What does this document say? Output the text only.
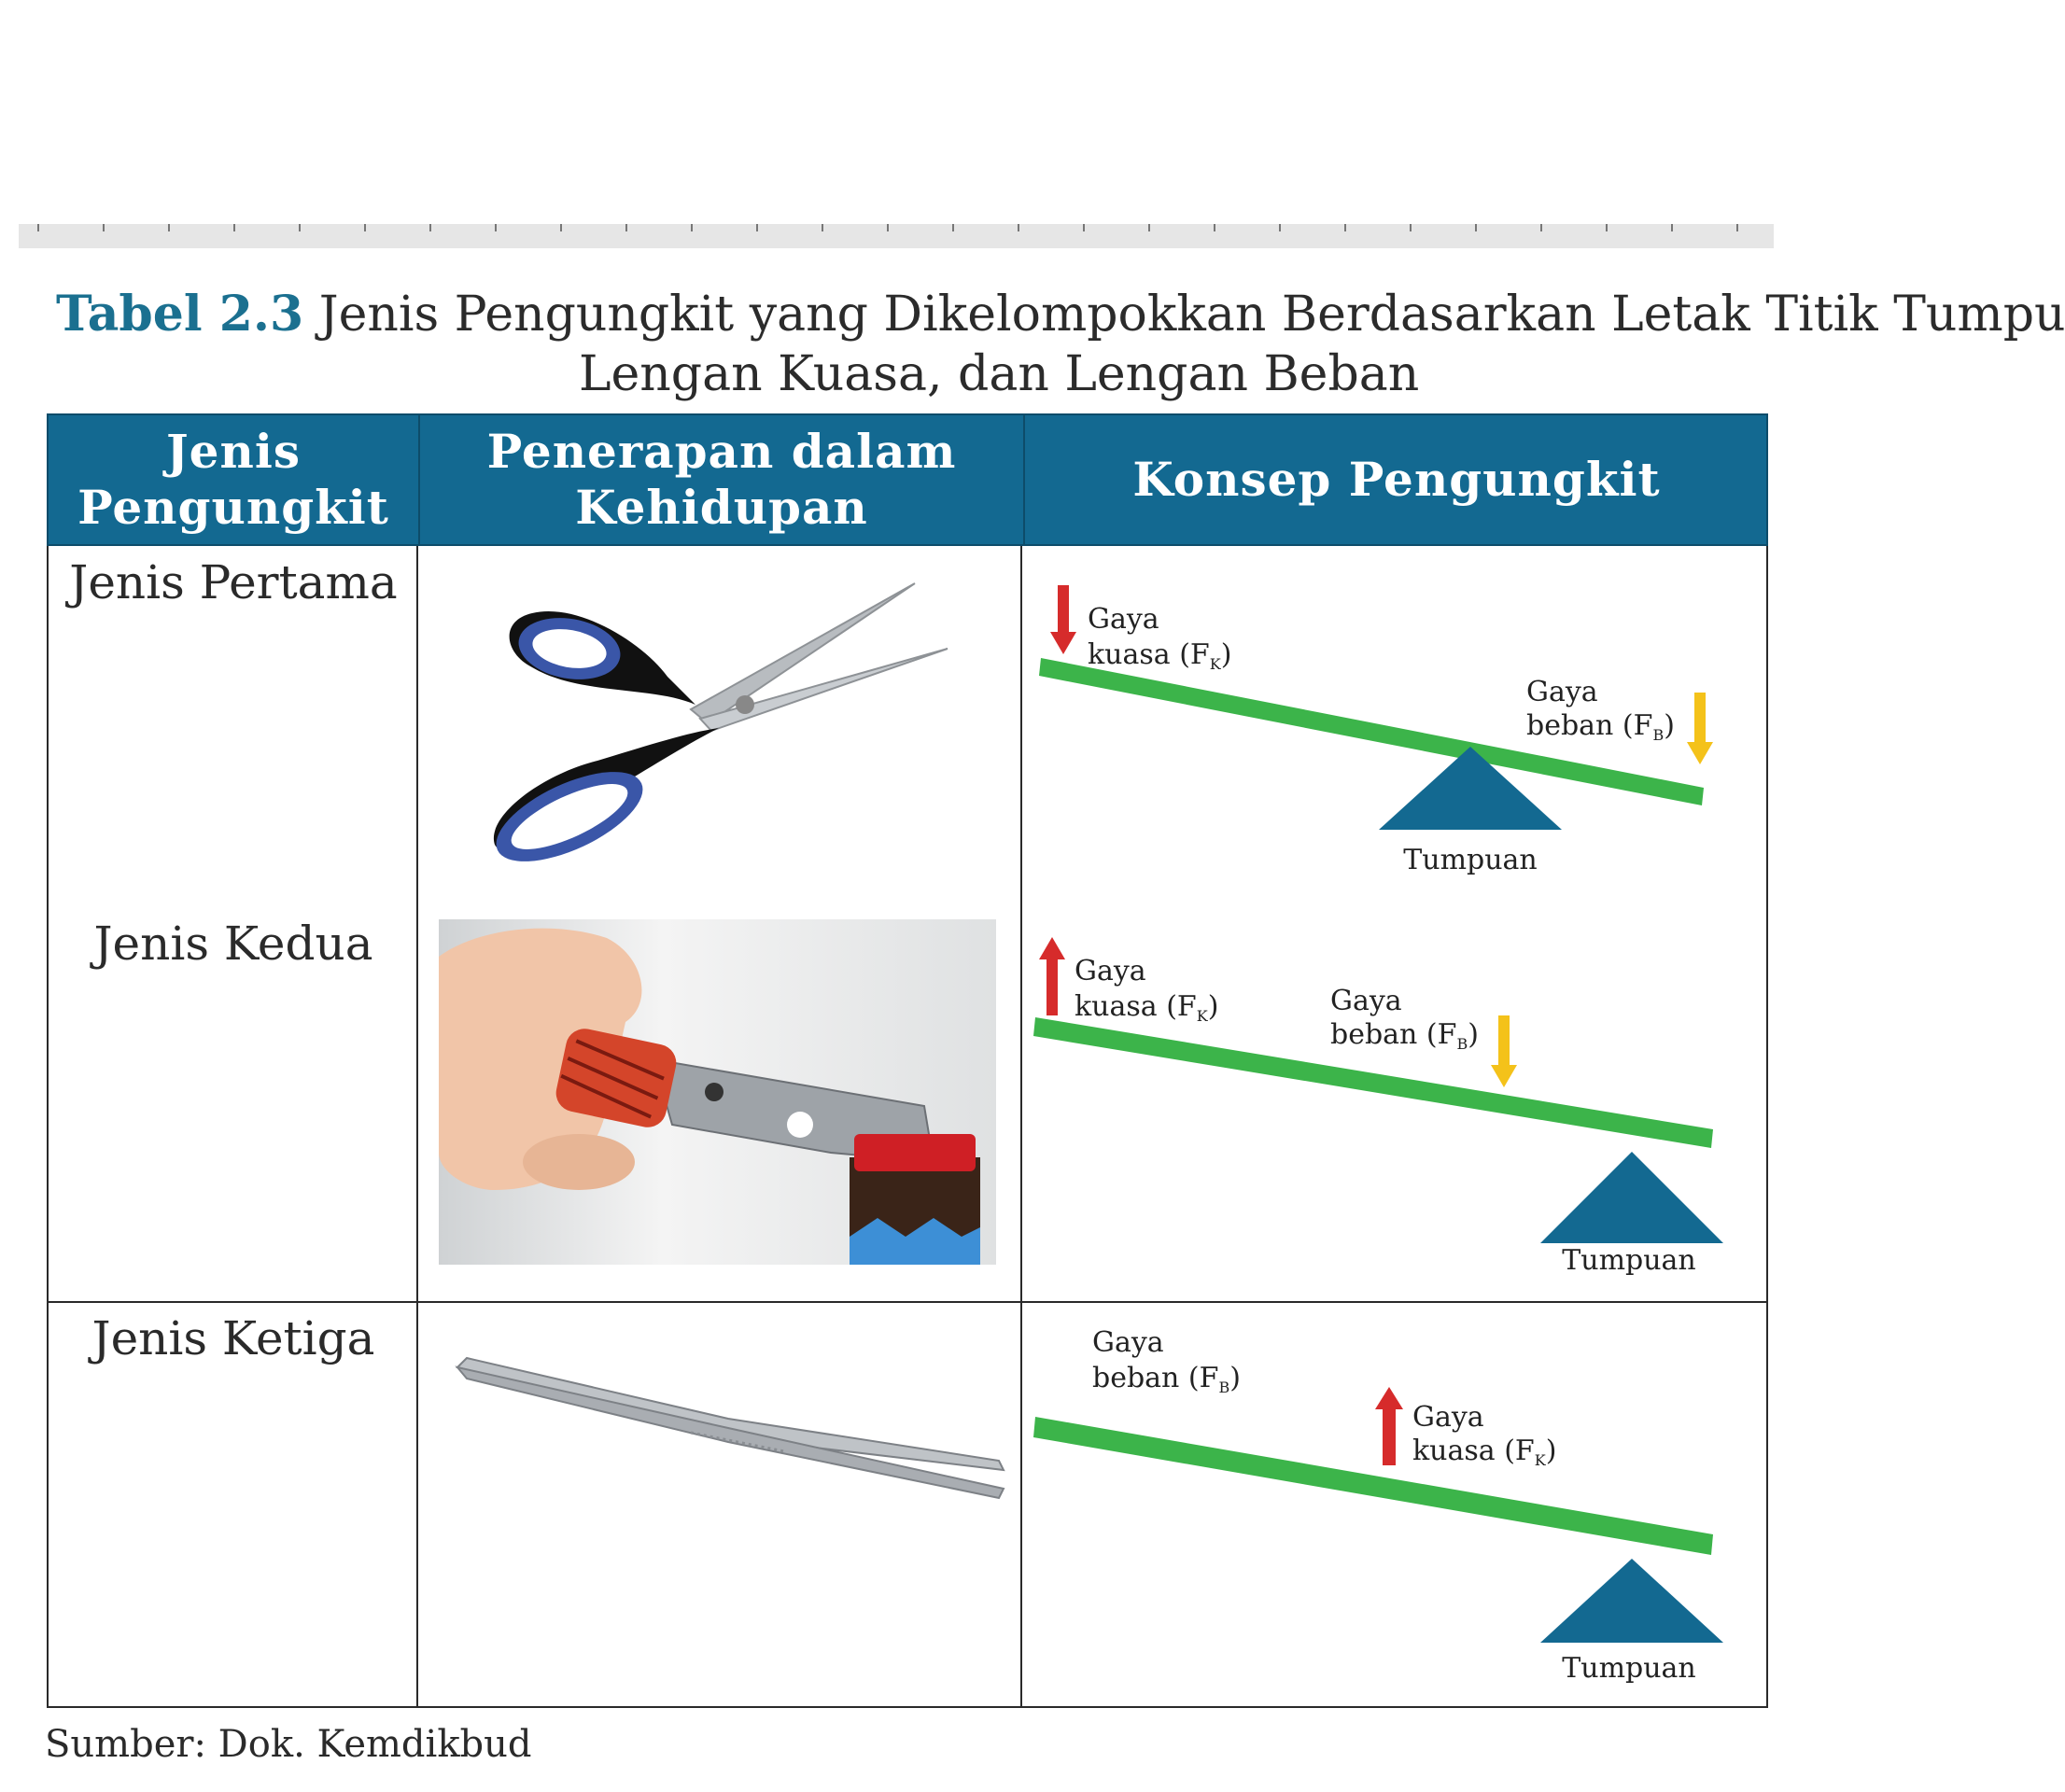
Tabel 2.3 Jenis Pengungkit yang Dikelompokkan Berdasarkan Letak Titik Tumpu
Lengan Kuasa, dan Lengan Beban
Jenis Pengungkit
Penerapan dalam Kehidupan
Konsep Pengungkit
Jenis Pertama
Jenis Kedua
Jenis Ketiga
Gaya
kuasa $(F_K)$
Gaya
beban $(F_B)$
Tumpuan
Gaya
kuasa $(F_K)$	Gaya
beban $(F_B)$
Tumpuan
Gaya
beban $(F_B)$
Gaya
kuasa $(F_K)$
Tumpuan
Sumber: Dok. Kemdikbud
